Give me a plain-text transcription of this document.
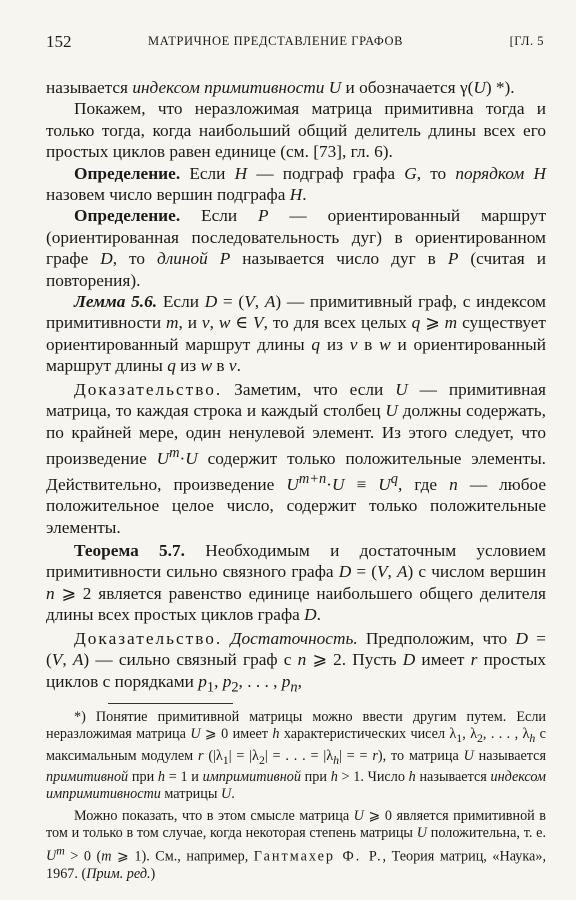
152	МАТРИЧНОЕ ПРЕДСТАВЛЕНИЕ ГРАФОВ	[ГЛ. 5

называется индексом примитивности U и обозначается γ(U) *).

Покажем, что неразложимая матрица примитивна тогда и только тогда, когда наибольший общий делитель длины всех его простых циклов равен единице (см. [73], гл. 6).

Определение. Если H — подграф графа G, то порядком H назовем число вершин подграфа H.

Определение. Если P — ориентированный маршрут (ориентированная последовательность дуг) в ориентированном графе D, то длиной P называется число дуг в P (считая и повторения).

Лемма 5.6. Если D = (V, A) — примитивный граф, с индексом примитивности m, и v, w ∈ V, то для всех целых q ⩾ m существует ориентированный маршрут длины q из v в w и ориентированный маршрут длины q из w в v.

Доказательство. Заметим, что если U — примитивная матрица, то каждая строка и каждый столбец U должны содержать, по крайней мере, один ненулевой элемент. Из этого следует, что произведение $U^m\cdot U$ содержит только положительные элементы. Действительно, произведение $U^{m+n}\cdot U \equiv U^q$, где n — любое положительное целое число, содержит только положительные элементы.

Теорема 5.7. Необходимым и достаточным условием примитивности сильно связного графа D = (V, A) с числом вершин n ⩾ 2 является равенство единице наибольшего общего делителя длины всех простых циклов графа D.

Доказательство. Достаточность. Предположим, что D = (V, A) — сильно связный граф с n ⩾ 2. Пусть D имеет r простых циклов с порядками $p_1$, $p_2$, . . . , $p_n$,

*) Понятие примитивной матрицы можно ввести другим путем. Если неразложимая матрица U ⩾ 0 имеет h характеристических чисел $\lambda_1$, $\lambda_2$, . . . , $\lambda_h$ с максимальным модулем r ($|\lambda_1| = |\lambda_2|$ = . . . = $|\lambda_h|$ = = r), то матрица U называется примитивной при h = 1 и импримитивной при h > 1. Число h называется индексом импримитивности матрицы U.

Можно показать, что в этом смысле матрица U ⩾ 0 является примитивной в том и только в том случае, когда некоторая степень матрицы U положительна, т. е. $U^m > 0$ (m ⩾ 1). См., например, Гантмахер Ф. Р., Теория матриц, «Наука», 1967. (Прим. ред.)
